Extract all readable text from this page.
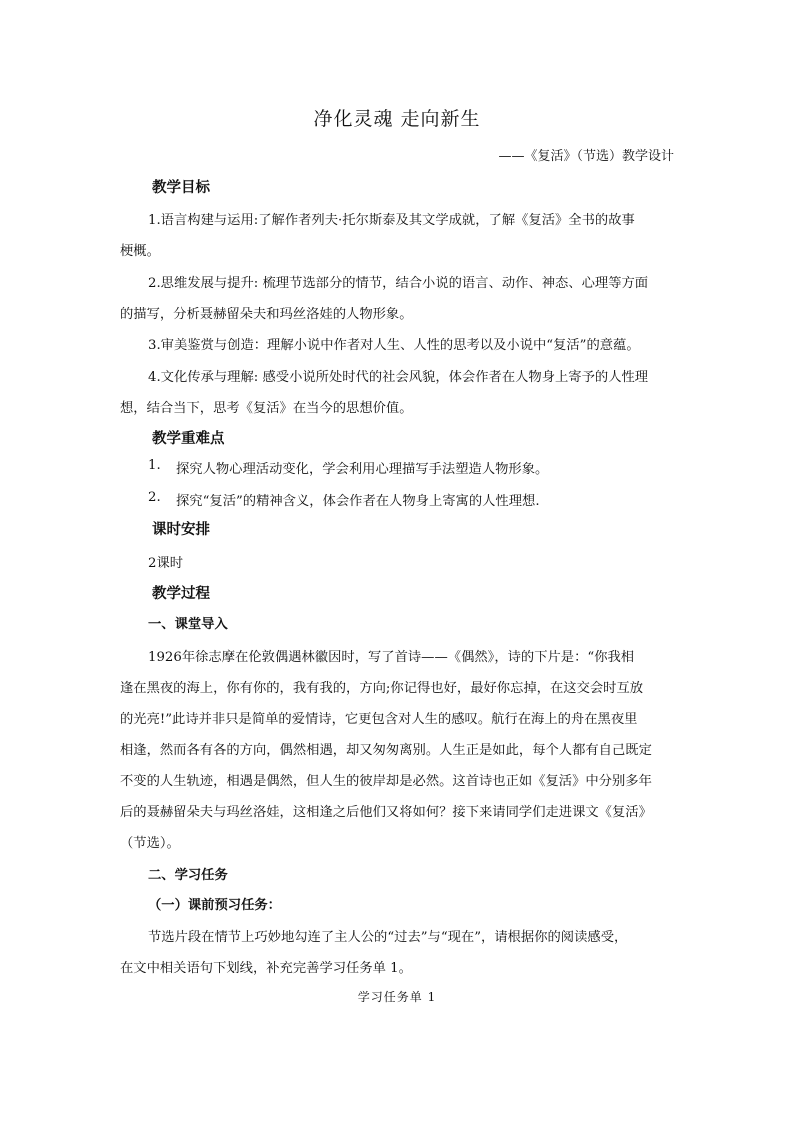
净化灵魂 走向新生
——《复活》（节选）教学设计
教学目标
1.语言构建与运用:了解作者列夫·托尔斯泰及其文学成就，了解《复活》全书的故事
梗概。
2.思维发展与提升: 梳理节选部分的情节，结合小说的语言、动作、神态、心理等方面
的描写，分析聂赫留朵夫和玛丝洛娃的人物形象。
3.审美鉴赏与创造：理解小说中作者对人生、人性的思考以及小说中“复活”的意蕴。
4.文化传承与理解: 感受小说所处时代的社会风貌，体会作者在人物身上寄予的人性理
想，结合当下，思考《复活》在当今的思想价值。
教学重难点
1. 探究人物心理活动变化，学会利用心理描写手法塑造人物形象。
2. 探究“复活”的精神含义，体会作者在人物身上寄寓的人性理想.
课时安排
2课时
教学过程
一、课堂导入
1926年徐志摩在伦敦偶遇林徽因时，写了首诗——《偶然》，诗的下片是：“你我相
逢在黑夜的海上，你有你的，我有我的，方向;你记得也好，最好你忘掉，在这交会时互放
的光亮!”此诗并非只是简单的爱情诗，它更包含对人生的感叹。航行在海上的舟在黑夜里
相逢，然而各有各的方向，偶然相遇，却又匆匆离别。人生正是如此，每个人都有自己既定
不变的人生轨迹，相遇是偶然，但人生的彼岸却是必然。这首诗也正如《复活》中分别多年
后的聂赫留朵夫与玛丝洛娃，这相逢之后他们又将如何？接下来请同学们走进课文《复活》
（节选）。
二、学习任务
（一）课前预习任务：
节选片段在情节上巧妙地勾连了主人公的“过去”与“现在”，请根据你的阅读感受，
在文中相关语句下划线，补充完善学习任务单 1。
学习任务单 1
